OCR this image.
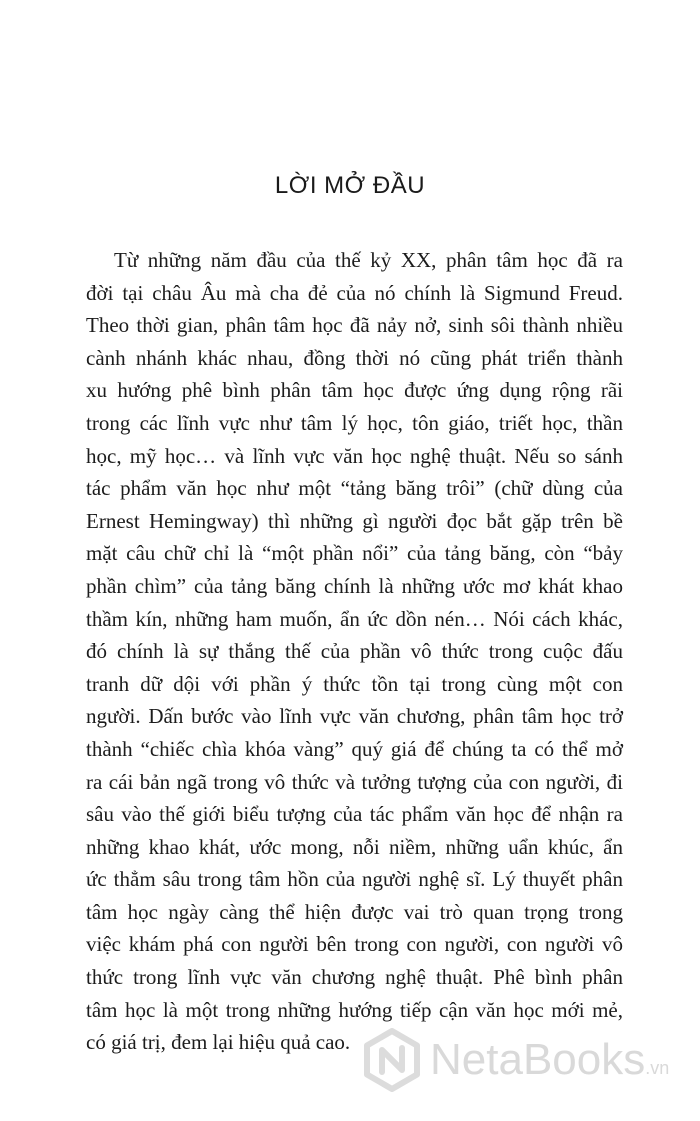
LỜI MỞ ĐẦU
Từ những năm đầu của thế kỷ XX, phân tâm học đã ra
đời tại châu Âu mà cha đẻ của nó chính là Sigmund Freud.
Theo thời gian, phân tâm học đã nảy nở, sinh sôi thành nhiều
cành nhánh khác nhau, đồng thời nó cũng phát triển thành
xu hướng phê bình phân tâm học được ứng dụng rộng rãi
trong các lĩnh vực như tâm lý học, tôn giáo, triết học, thần
học, mỹ học… và lĩnh vực văn học nghệ thuật. Nếu so sánh
tác phẩm văn học như một “tảng băng trôi” (chữ dùng của
Ernest Hemingway) thì những gì người đọc bắt gặp trên bề
mặt câu chữ chỉ là “một phần nổi” của tảng băng, còn “bảy
phần chìm” của tảng băng chính là những ước mơ khát khao
thầm kín, những ham muốn, ẩn ức dồn nén… Nói cách khác,
đó chính là sự thắng thế của phần vô thức trong cuộc đấu
tranh dữ dội với phần ý thức tồn tại trong cùng một con
người. Dấn bước vào lĩnh vực văn chương, phân tâm học trở
thành “chiếc chìa khóa vàng” quý giá để chúng ta có thể mở
ra cái bản ngã trong vô thức và tưởng tượng của con người, đi
sâu vào thế giới biểu tượng của tác phẩm văn học để nhận ra
những khao khát, ước mong, nỗi niềm, những uẩn khúc, ẩn
ức thẳm sâu trong tâm hồn của người nghệ sĩ. Lý thuyết phân
tâm học ngày càng thể hiện được vai trò quan trọng trong
việc khám phá con người bên trong con người, con người vô
thức trong lĩnh vực văn chương nghệ thuật. Phê bình phân
tâm học là một trong những hướng tiếp cận văn học mới mẻ,
có giá trị, đem lại hiệu quả cao.	NetaBooks.vn
